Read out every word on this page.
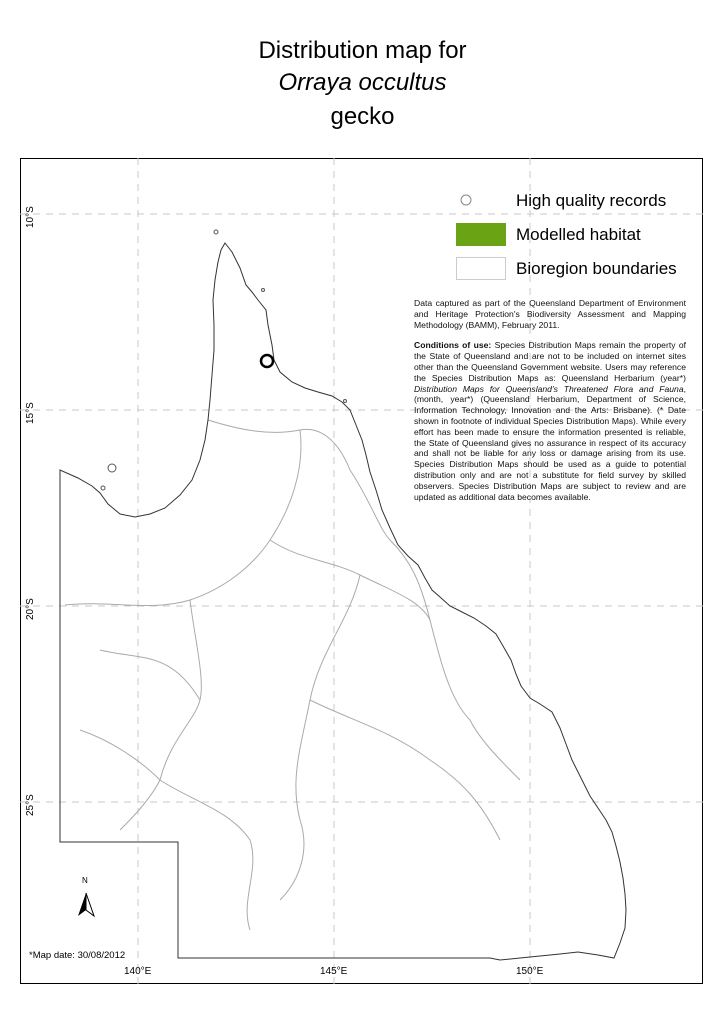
Distribution map for
Orraya occultus
gecko
High quality records
Modelled habitat
Bioregion boundaries

Data captured as part of the Queensland Department of Environment and Heritage Protection's Biodiversity Assessment and Mapping Methodology (BAMM), February 2011.

Conditions of use: Species Distribution Maps remain the property of the State of Queensland and are not to be included on internet sites other than the Queensland Government website. Users may reference the Species Distribution Maps as: Queensland Herbarium (year*) Distribution Maps for Queensland's Threatened Flora and Fauna, (month, year*) (Queensland Herbarium, Department of Science, Information Technology, Innovation and the Arts: Brisbane). (* Date shown in footnote of individual Species Distribution Maps). While every effort has been made to ensure the information presented is reliable, the State of Queensland gives no assurance in respect of its accuracy and shall not be liable for any loss or damage arising from its use. Species Distribution Maps should be used as a guide to potential distribution only and are not a substitute for field survey by skilled observers. Species Distribution Maps are subject to review and are updated as additional data becomes available.

10°S
15°S
20°S
25°S
140°E	145°E	150°E
N
*Map date: 30/08/2012
